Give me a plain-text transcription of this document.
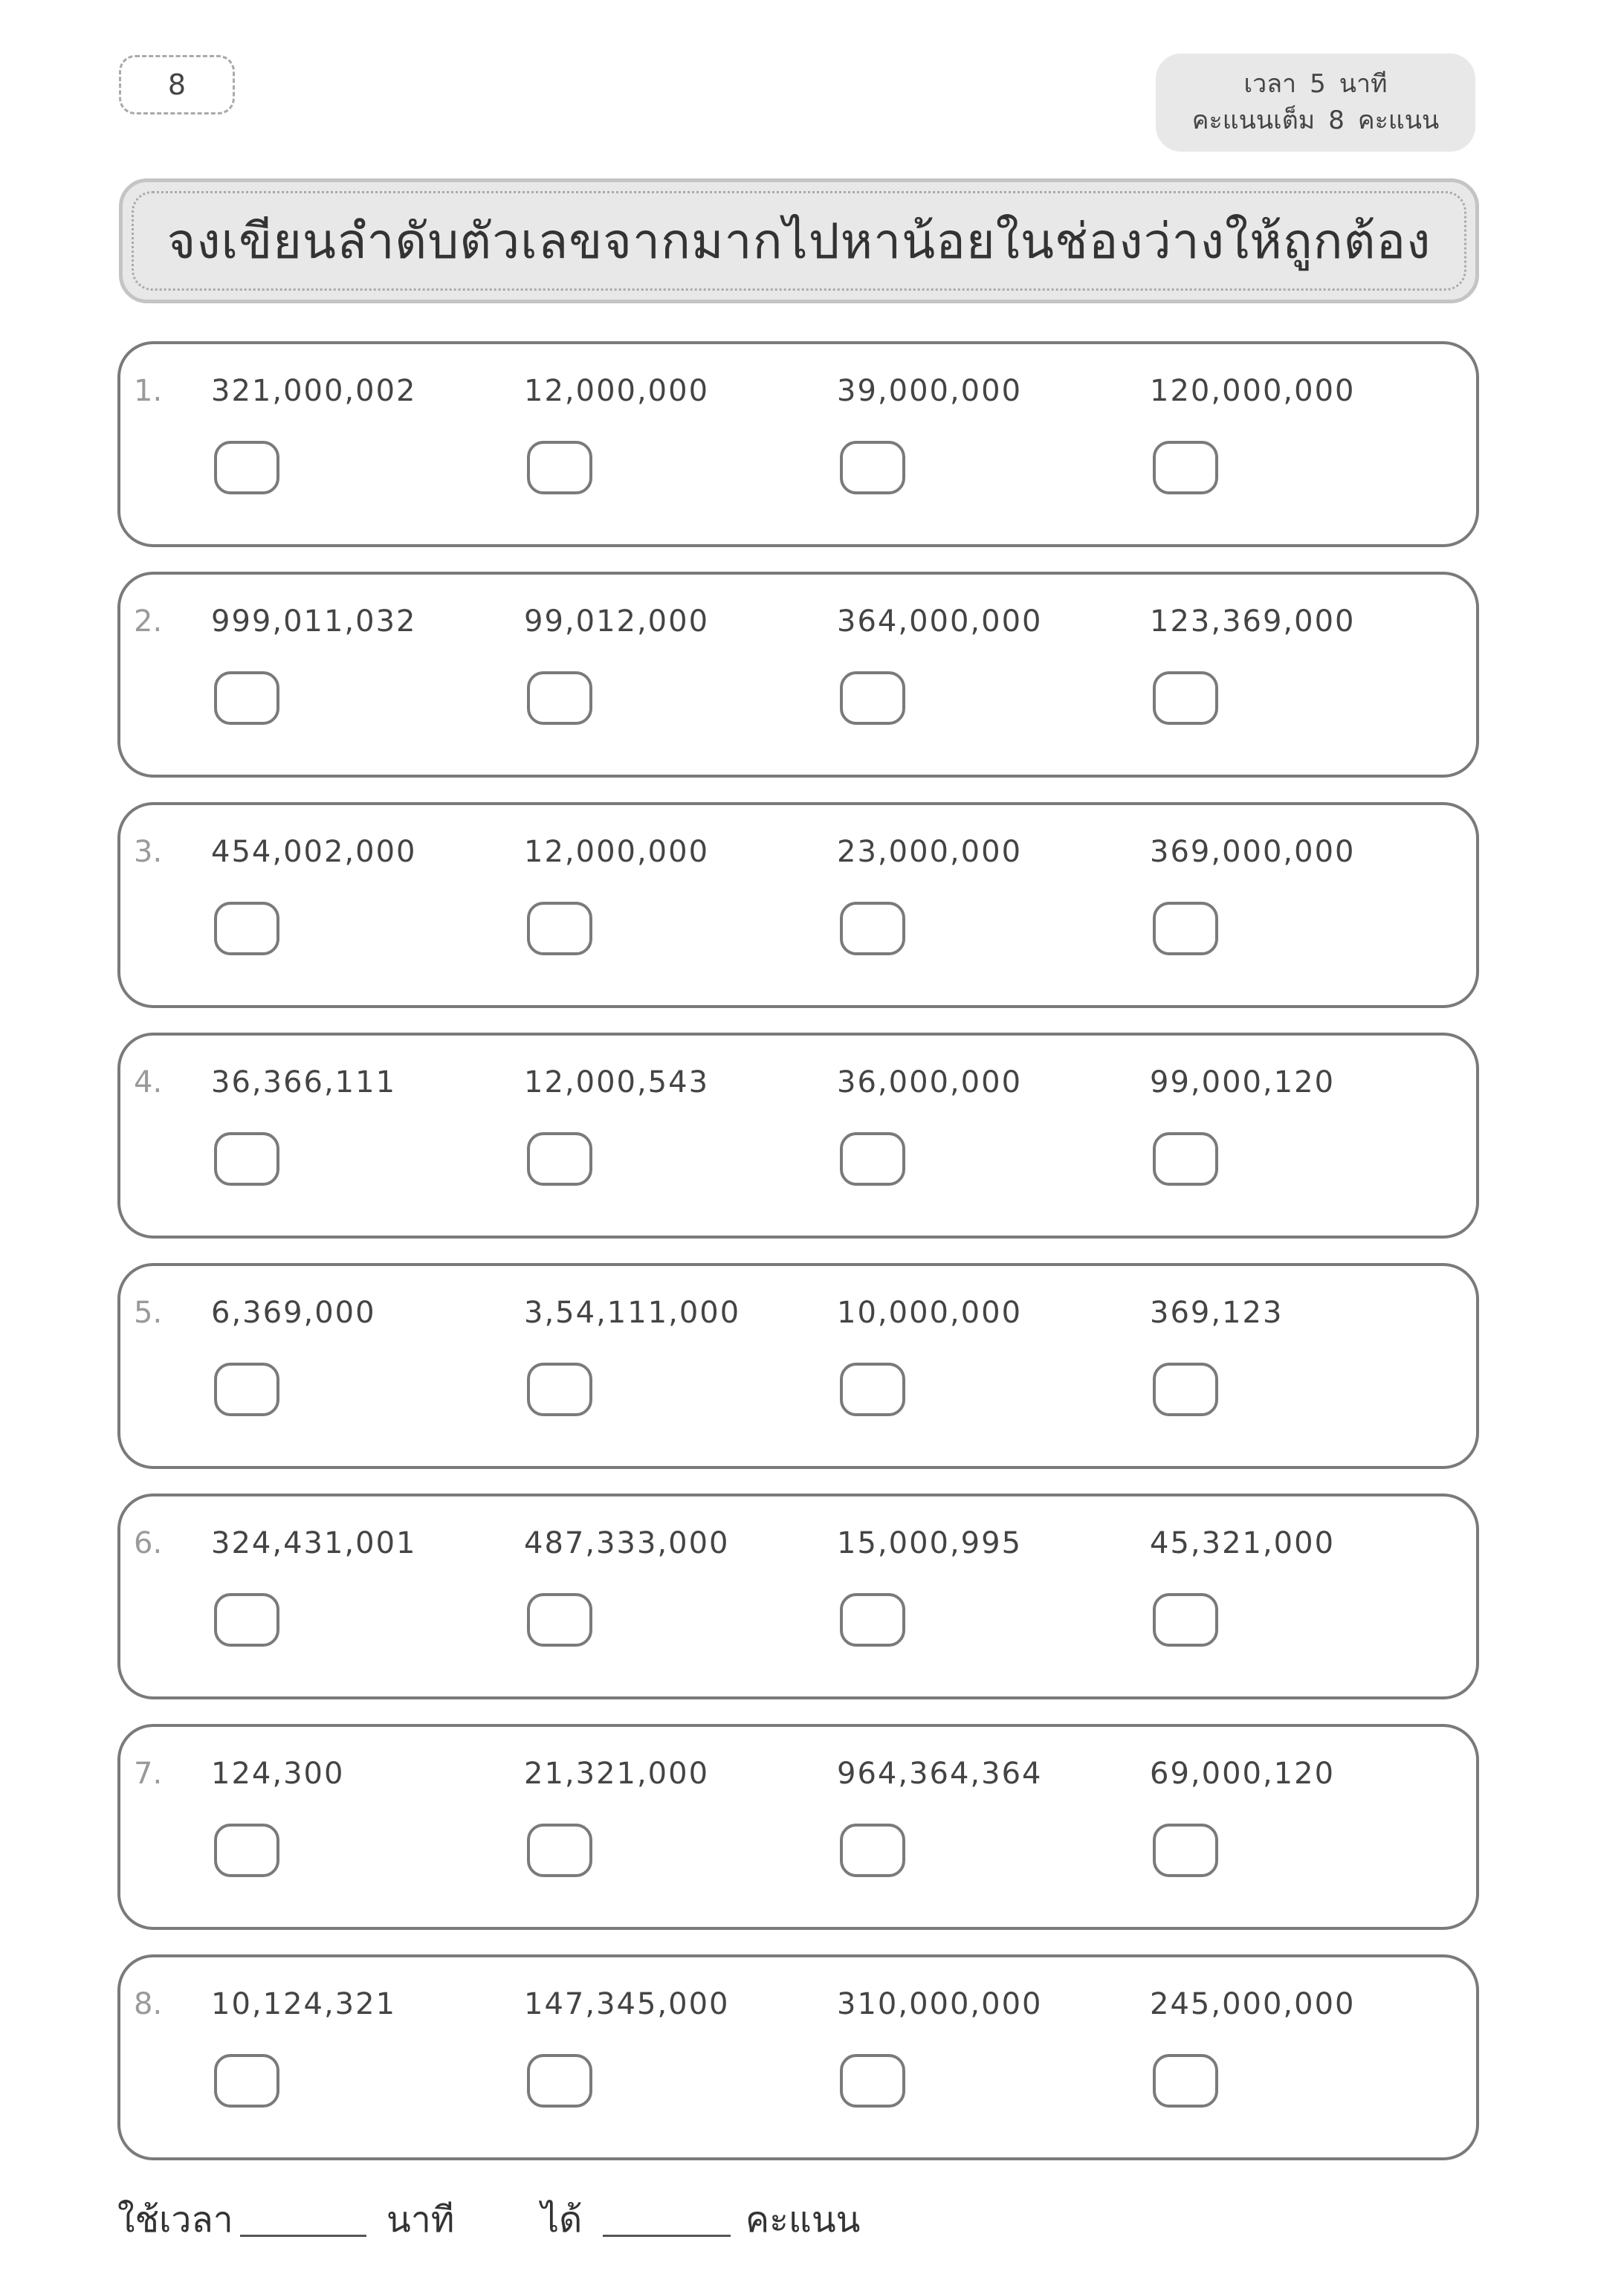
8	เวลา 5 นาที
คะแนนเต็ม 8 คะแนน
จงเขียนลำดับตัวเลขจากมากไปหาน้อยในช่องว่างให้ถูกต้อง
1. 321,000,002	12,000,000	39,000,000	120,000,000
2. 999,011,032	99,012,000	364,000,000	123,369,000
3. 454,002,000	12,000,000	23,000,000	369,000,000
4. 36,366,111	12,000,543	36,000,000	99,000,120
5. 6,369,000	3,54,111,000	10,000,000	369,123
6. 324,431,001	487,333,000	15,000,995	45,321,000
7. 124,300	21,321,000	964,364,364	69,000,120
8. 10,124,321	147,345,000	310,000,000	245,000,000
ใช้เวลา	นาที ได้	คะแนน
